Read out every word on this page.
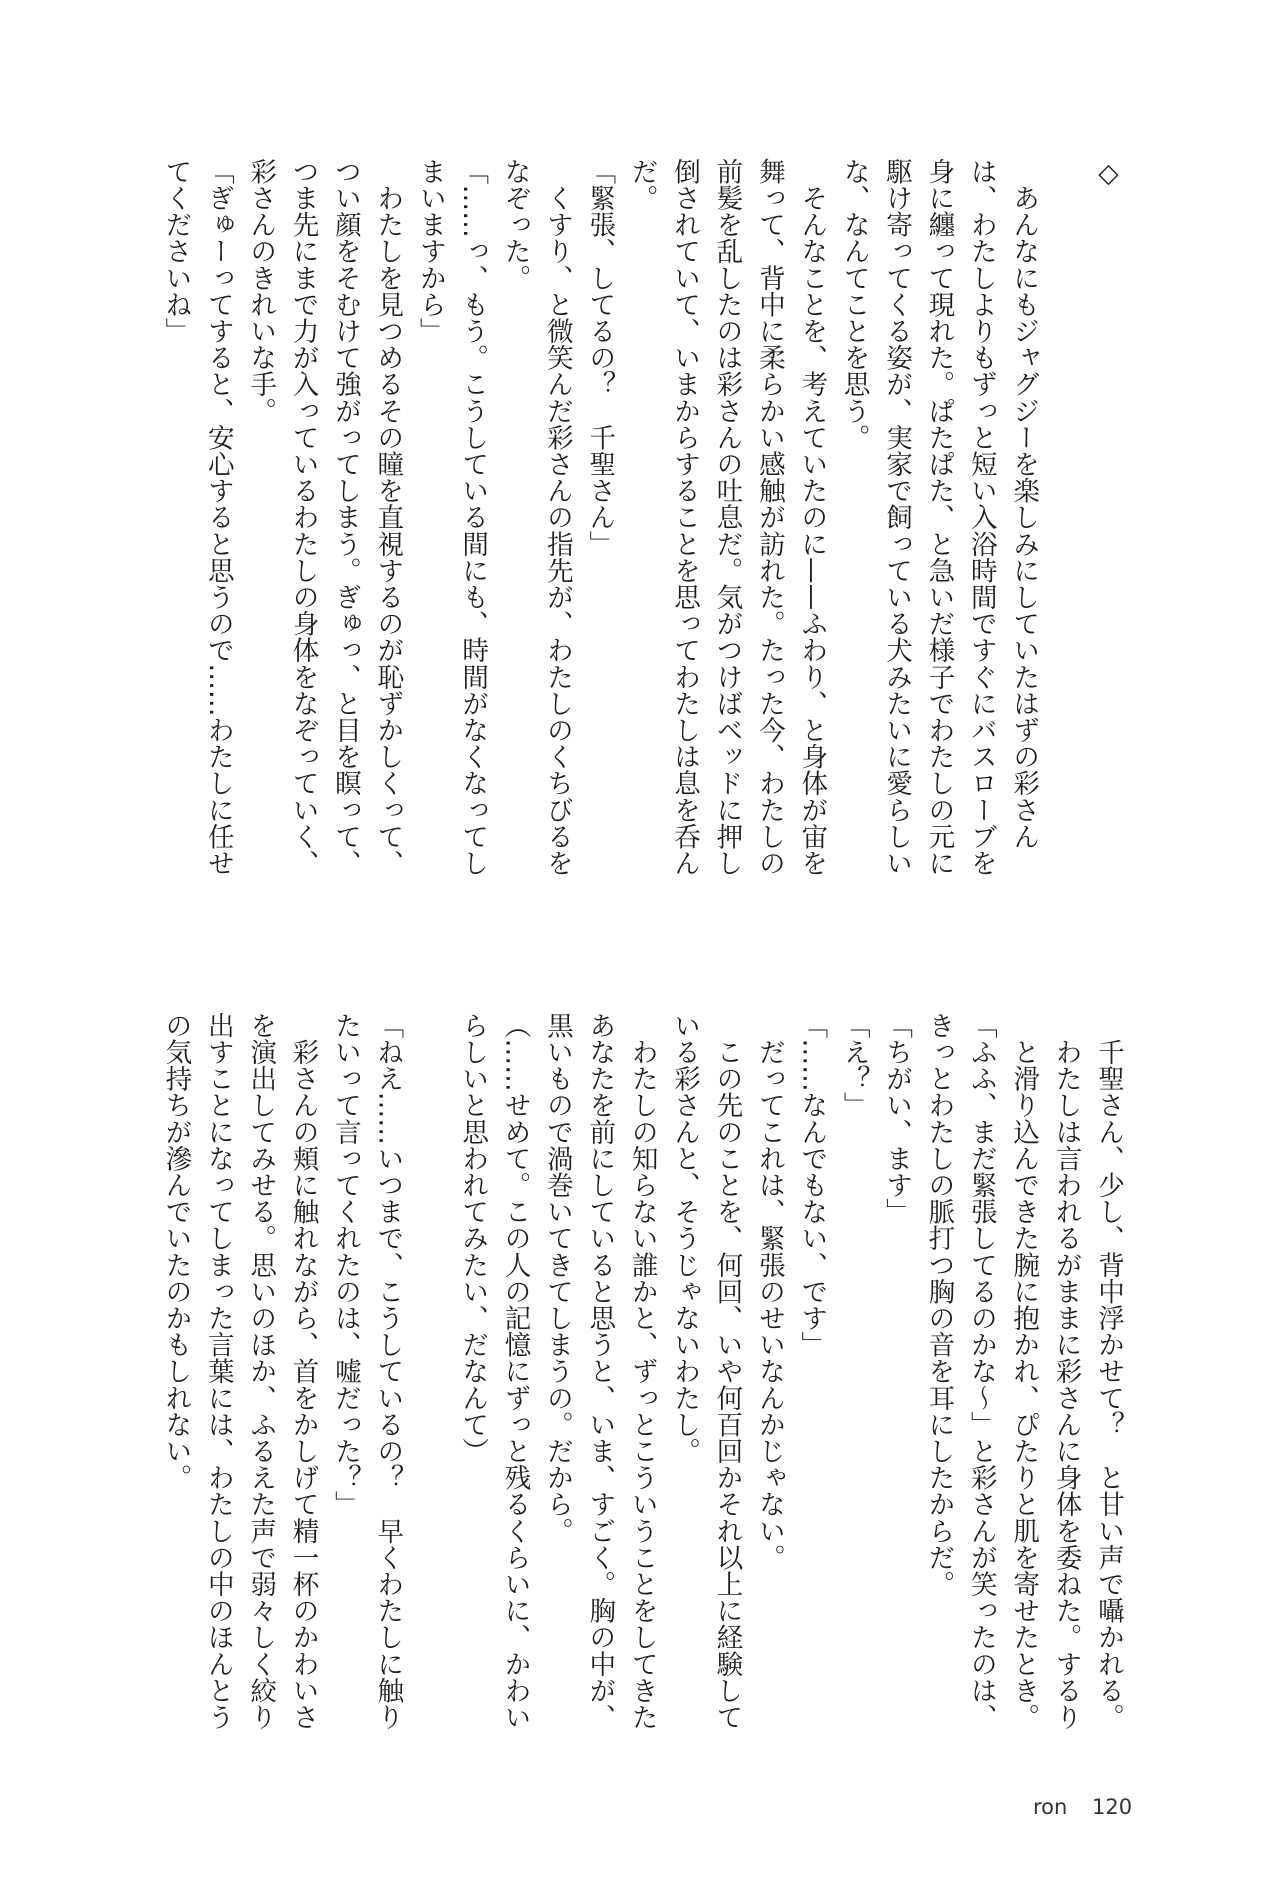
◇
　あんなにもジャグジーを楽しみにしていたはずの彩さん
は、わたしよりもずっと短い入浴時間ですぐにバスローブを
身に纏って現れた。ぱたぱた、と急いだ様子でわたしの元に
駆け寄ってくる姿が、実家で飼っている犬みたいに愛らしい
な、なんてことを思う。
　そんなことを、考えていたのに——ふわり、と身体が宙を
舞って、背中に柔らかい感触が訪れた。たった今、わたしの
前髪を乱したのは彩さんの吐息だ。気がつけばベッドに押し
倒されていて、いまからすることを思ってわたしは息を呑ん
だ。
「緊張、してるの？　千聖さん」
　くすり、と微笑んだ彩さんの指先が、わたしのくちびるを
なぞった。
「……っ、もう。こうしている間にも、時間がなくなってし
まいますから」
　わたしを見つめるその瞳を直視するのが恥ずかしくって、
つい顔をそむけて強がってしまう。ぎゅっ、と目を瞑って、
つま先にまで力が入っているわたしの身体をなぞっていく、
彩さんのきれいな手。
「ぎゅーってすると、安心すると思うので……わたしに任せ
てくださいね」
　千聖さん、少し、背中浮かせて？　と甘い声で囁かれる。
　わたしは言われるがままに彩さんに身体を委ねた。するり
　と滑り込んできた腕に抱かれ、ぴたりと肌を寄せたとき。
「ふふ、まだ緊張してるのかな～」と彩さんが笑ったのは、
きっとわたしの脈打つ胸の音を耳にしたからだ。
「ちがい、ます」
「え？」
「……なんでもない、です」
　だってこれは、緊張のせいなんかじゃない。
　この先のことを、何回、いや何百回かそれ以上に経験して
いる彩さんと、そうじゃないわたし。
　わたしの知らない誰かと、ずっとこういうことをしてきた
あなたを前にしていると思うと、いま、すごく。胸の中が、
黒いもので渦巻いてきてしまうの。だから。
（……せめて。この人の記憶にずっと残るくらいに、かわい
らしいと思われてみたい、だなんて）
「ねえ……いつまで、こうしているの？　早くわたしに触り
たいって言ってくれたのは、嘘だった？」
　彩さんの頬に触れながら、首をかしげて精一杯のかわいさ
を演出してみせる。思いのほか、ふるえた声で弱々しく絞り
出すことになってしまった言葉には、わたしの中のほんとう
の気持ちが滲んでいたのかもしれない。
ron 120
